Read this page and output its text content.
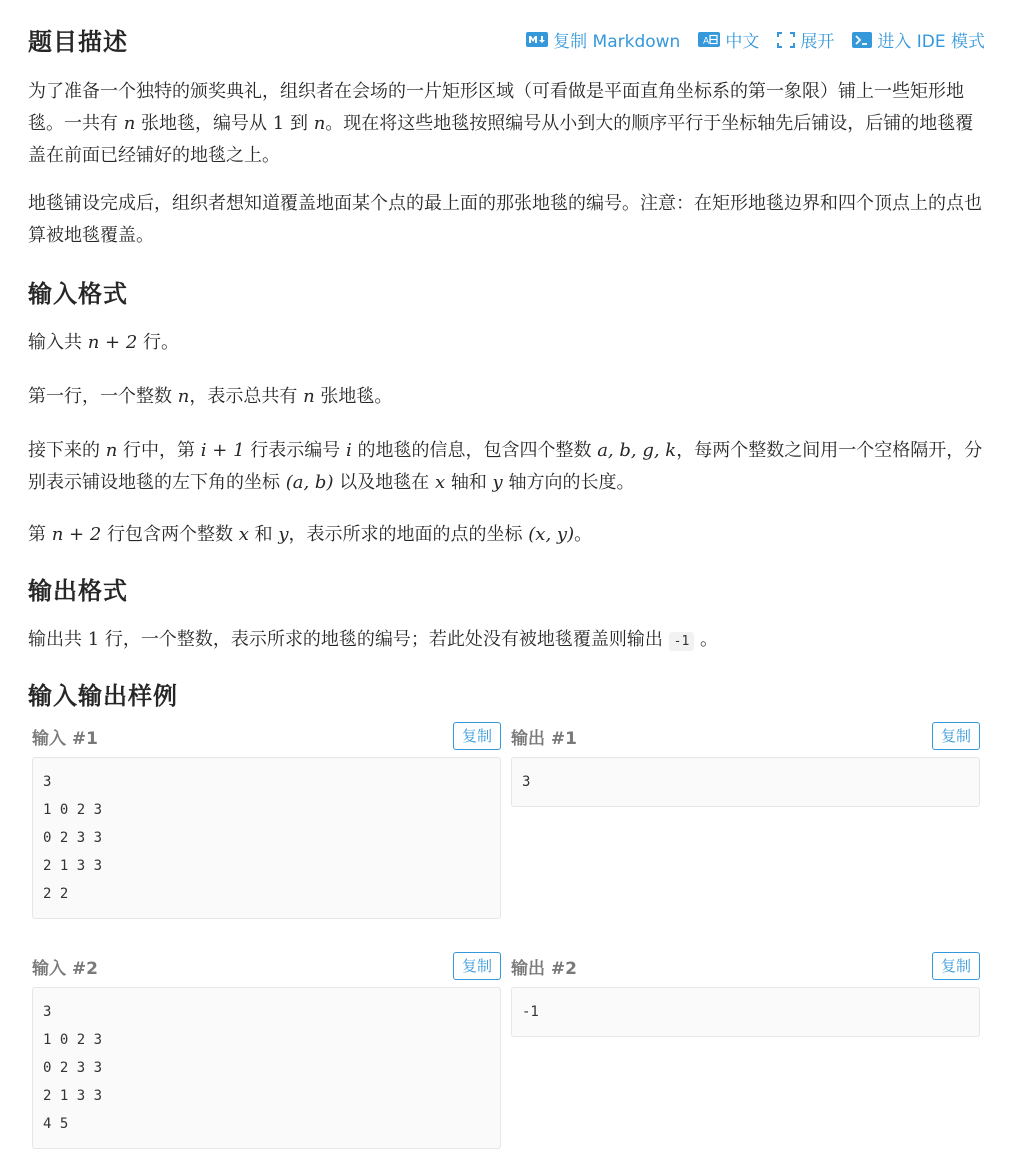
题目描述	复制 Markdown	A 中文 展开	进入 IDE 模式

为了准备一个独特的颁奖典礼，组织者在会场的一片矩形区域（可看做是平面直角坐标系的第一象限）铺上一些矩形地毯。一共有 n 张地毯，编号从 1 到 n。现在将这些地毯按照编号从小到大的顺序平行于坐标轴先后铺设，后铺的地毯覆盖在前面已经铺好的地毯之上。

地毯铺设完成后，组织者想知道覆盖地面某个点的最上面的那张地毯的编号。注意：在矩形地毯边界和四个顶点上的点也算被地毯覆盖。

输入格式

输入共 n + 2 行。

第一行，一个整数 n，表示总共有 n 张地毯。

接下来的 n 行中，第 i + 1 行表示编号 i 的地毯的信息，包含四个整数 a, b, g, k，每两个整数之间用一个空格隔开，分别表示铺设地毯的左下角的坐标 (a, b) 以及地毯在 x 轴和 y 轴方向的长度。

第 n + 2 行包含两个整数 x 和 y，表示所求的地面的点的坐标 (x, y)。

输出格式

输出共 1 行，一个整数，表示所求的地毯的编号；若此处没有被地毯覆盖则输出 -1 。

输入输出样例
输入 #1	复制
3
1 0 2 3
0 2 3 3
2 1 3 3
2 2
输出 #1	复制
3
输入 #2	复制
3
1 0 2 3
0 2 3 3
2 1 3 3
4 5
输出 #2	复制
-1
